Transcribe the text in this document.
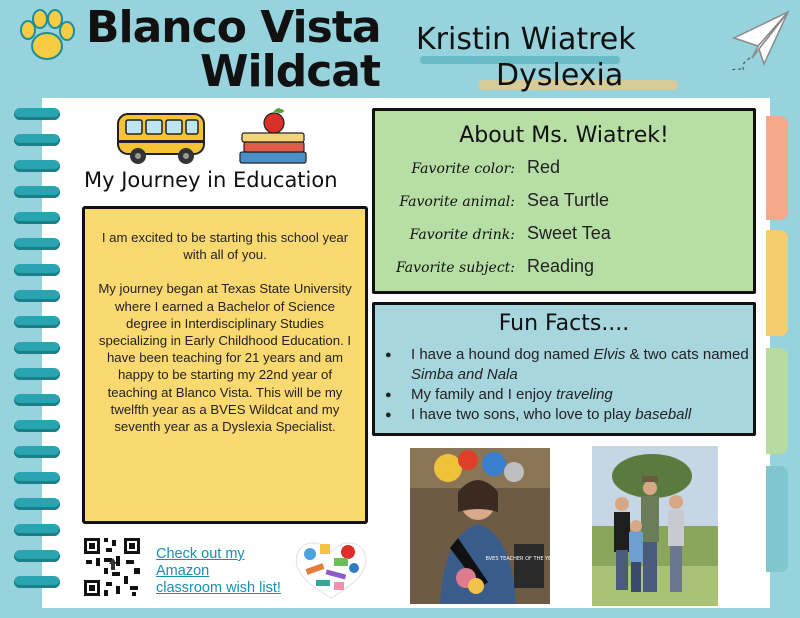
Blanco Vista
Wildcat
Kristin Wiatrek
Dyslexia
My Journey in Education

I am excited to be starting this school year with all of you.

My journey began at Texas State University where I earned a Bachelor of Science degree in Interdisciplinary Studies specializing in Early Childhood Education. I have been teaching for 21 years and am happy to be starting my 22nd year of teaching at Blanco Vista. This will be my twelfth year as a BVES Wildcat and my seventh year as a Dyslexia Specialist.

Check out my
Amazon
classroom wish list!
About Ms. Wiatrek!
Favorite color: Red
Favorite animal: Sea Turtle
Favorite drink: Sweet Tea
Favorite subject: Reading
Fun Facts....
● I have a hound dog named Elvis & two cats named Simba and Nala
● My family and I enjoy traveling
● I have two sons, who love to play baseball
BVES TEACHER OF THE YEAR 2018
